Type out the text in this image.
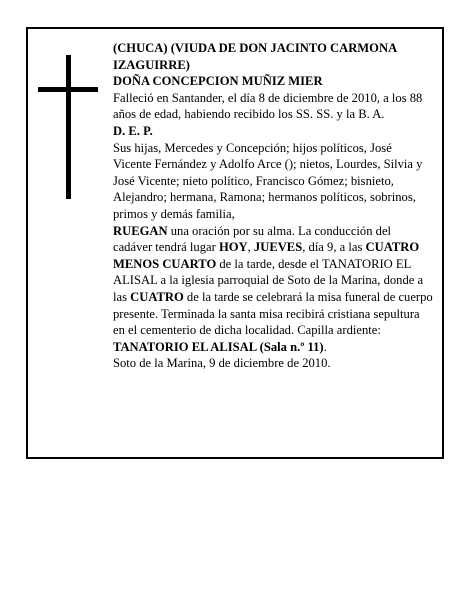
(CHUCA) (VIUDA DE DON JACINTO CARMONA IZAGUIRRE)

DOÑA CONCEPCION MUÑIZ MIER

Falleció en Santander, el día 8 de diciembre de 2010, a los 88 años de edad, habiendo recibido los SS. SS. y la B. A.

D. E. P.

Sus hijas, Mercedes y Concepción; hijos políticos, José Vicente Fernández y Adolfo Arce (); nietos, Lourdes, Silvia y José Vicente; nieto político, Francisco Gómez; bisnieto, Alejandro; hermana, Ramona; hermanos políticos, sobrinos, primos y demás familia,

RUEGAN una oración por su alma. La conducción del cadáver tendrá lugar HOY, JUEVES, día 9, a las CUATRO MENOS CUARTO de la tarde, desde el TANATORIO EL ALISAL a la iglesia parroquial de Soto de la Marina, donde a las CUATRO de la tarde se celebrará la misa funeral de cuerpo presente. Terminada la santa misa recibirá cristiana sepultura en el cementerio de dicha localidad. Capilla ardiente: TANATORIO EL ALISAL (Sala n.º 11).

Soto de la Marina, 9 de diciembre de 2010.
